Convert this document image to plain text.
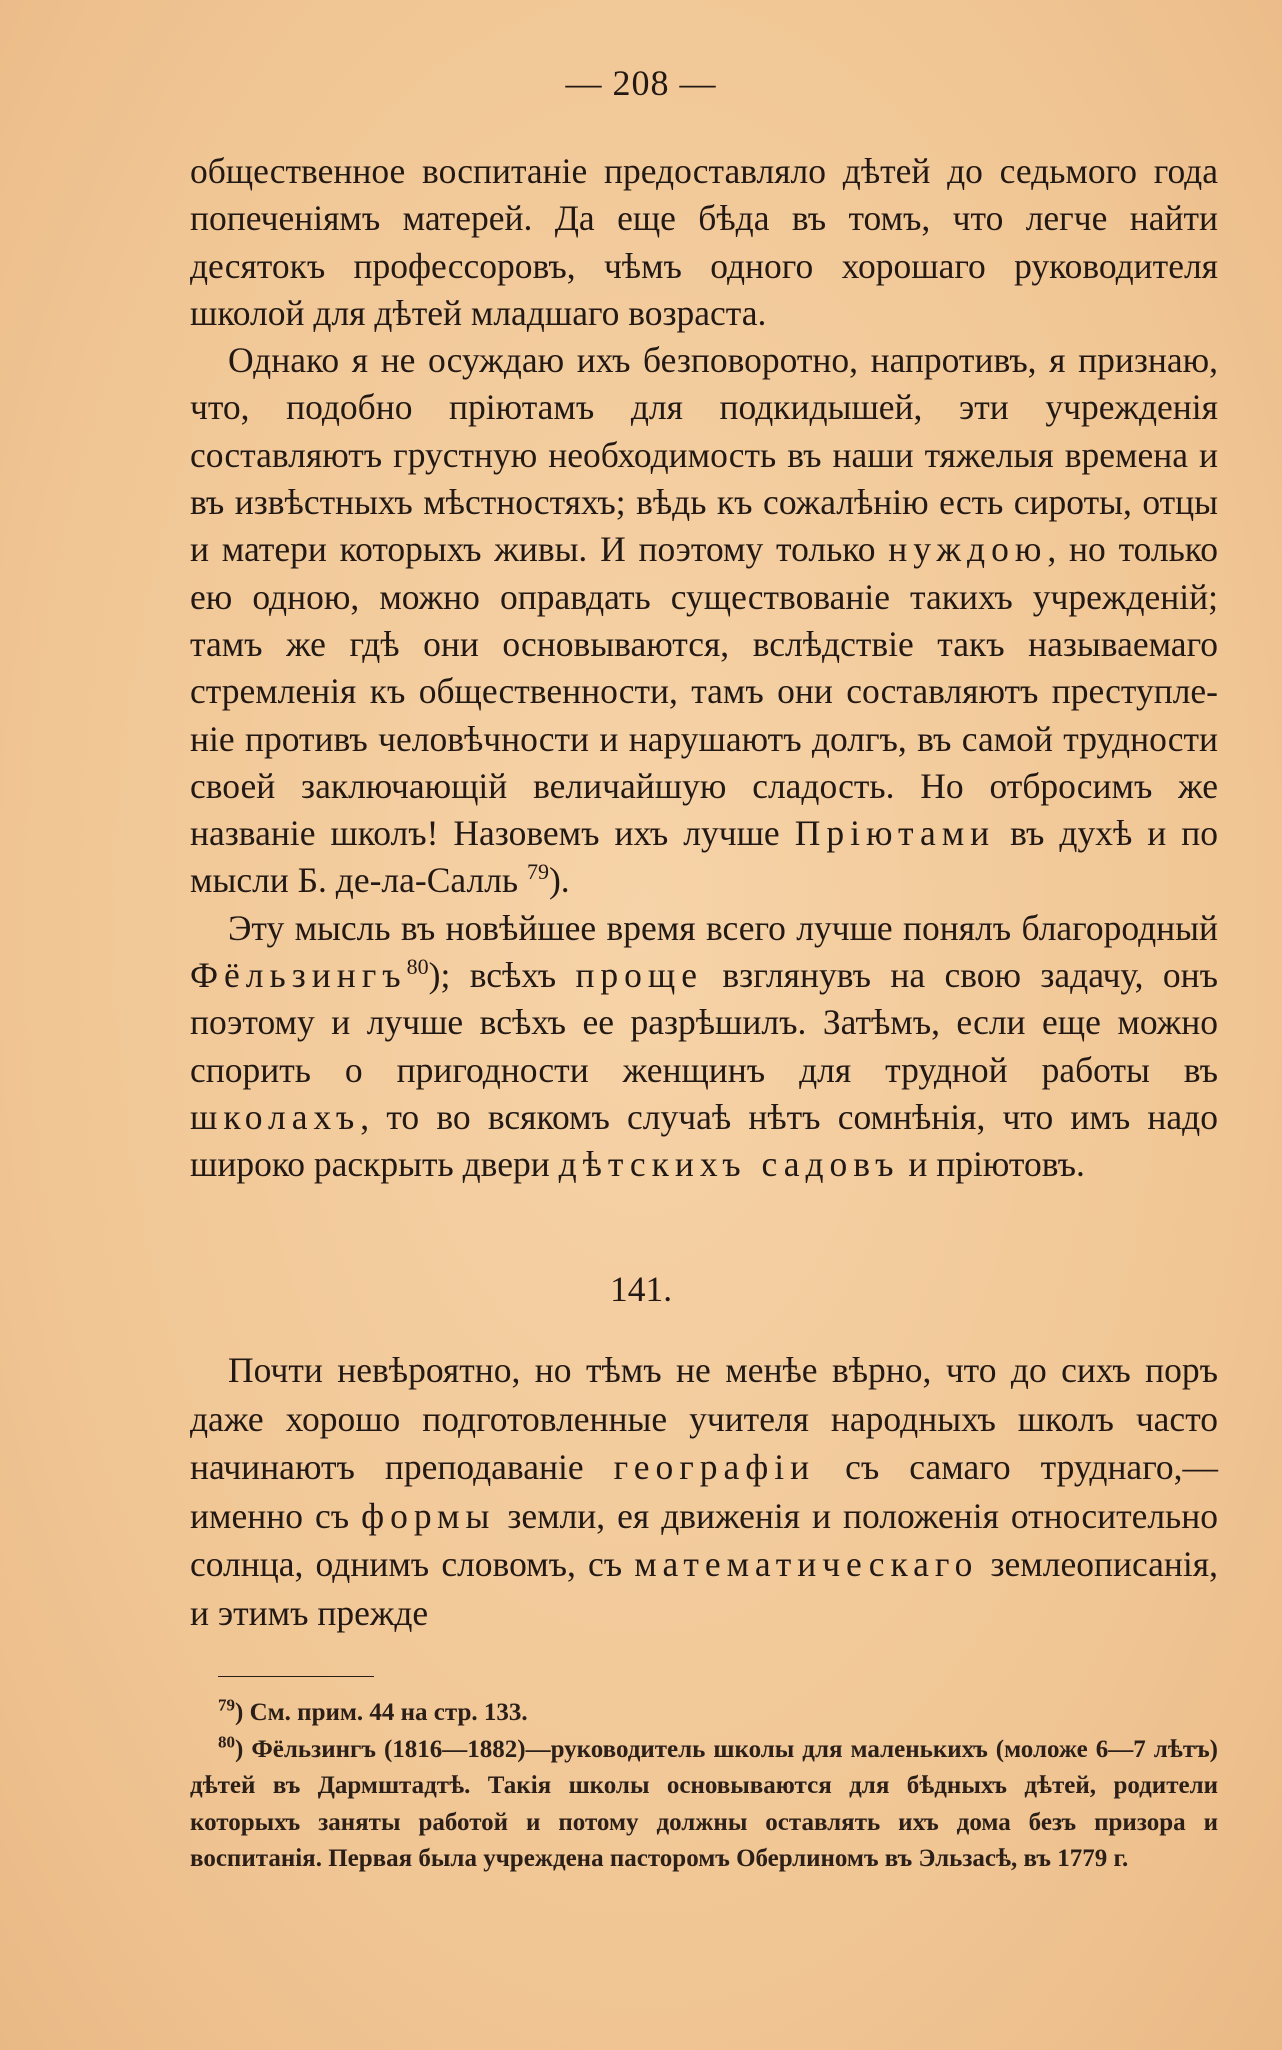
— 208 —

общественное воспитаніе предоставляло дѣтей до седьмого года попеченіямъ матерей. Да еще бѣда въ томъ, что легче найти десятокъ профессоровъ, чѣмъ одного хорошаго руководителя школой для дѣтей младшаго возраста.

Однако я не осуждаю ихъ безповоротно, напротивъ, я признаю, что, подобно пріютамъ для подкидышей, эти учрежденія составляютъ грустную необходимость въ наши тяжелыя времена и въ извѣстныхъ мѣстностяхъ; вѣдь къ сожалѣнію есть сироты, отцы и матери которыхъ живы. И поэтому только нуждою, но только ею одною, можно оправдать существованіе такихъ учрежденій; тамъ же гдѣ они основываются, вслѣдствіе такъ называемаго стремленія къ общественности, тамъ они составляютъ преступленіе противъ человѣчности и нарушаютъ долгъ, въ самой трудности своей заключающій величайшую сладость. Но отбросимъ же названіе школъ! Назовемъ ихъ лучше Пріютами въ духѣ и по мысли Б. де-ла-Салль $^{79}$).

Эту мысль въ новѣйшее время всего лучше понялъ благородный Фёльзингъ$^{80}$); всѣхъ проще взглянувъ на свою задачу, онъ поэтому и лучше всѣхъ ее разрѣшилъ. Затѣмъ, если еще можно спорить о пригодности женщинъ для трудной работы въ школахъ, то во всякомъ случаѣ нѣтъ сомнѣнія, что имъ надо широко раскрыть двери дѣтскихъ садовъ и пріютовъ.

141.

Почти невѣроятно, но тѣмъ не менѣе вѣрно, что до сихъ поръ даже хорошо подготовленные учителя народныхъ школъ часто начинаютъ преподаваніе географіи съ самаго труднаго,— именно съ формы земли, ея движенія и положенія относительно солнца, однимъ словомъ, съ математическаго землеописанія, и этимъ прежде

$^{79}$) См. прим. 44 на стр. 133.

$^{80}$) Фёльзингъ (1816—1882)—руководитель школы для маленькихъ (моложе 6—7 лѣтъ) дѣтей въ Дармштадтѣ. Такія школы основываются для бѣдныхъ дѣтей, родители которыхъ заняты работой и потому должны оставлять ихъ дома безъ призора и воспитанія. Первая была учреждена пасторомъ Оберлиномъ въ Эльзасѣ, въ 1779 г.
